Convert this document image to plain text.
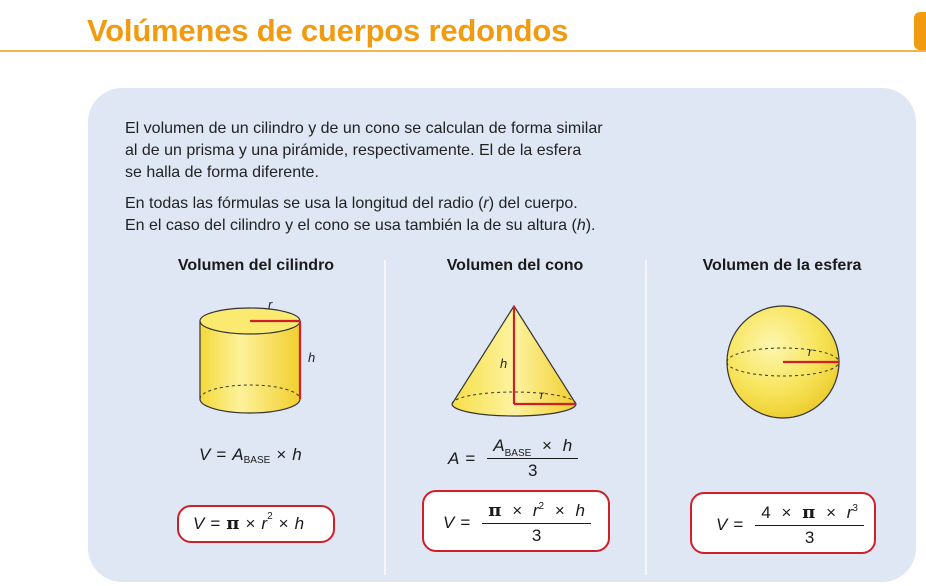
Volúmenes de cuerpos redondos

El volumen de un cilindro y de un cono se calculan de forma similar
al de un prisma y una pirámide, respectivamente. El de la esfera
se halla de forma diferente.

En todas las fórmulas se usa la longitud del radio (r) del cuerpo.
En el caso del cilindro y el cono se usa también la de su altura (h).

Volumen del cilindro	Volumen del cono	Volumen de la esfera
r
h	h
r
r
V = A BASE × h
V = π × r 2 × h
$A = \frac{A_{BASE} \times h}{3}$
$V = \frac{\pi \times r^2 \times h}{3}$	$V = \frac{4 \times \pi \times r^3}{3}$
